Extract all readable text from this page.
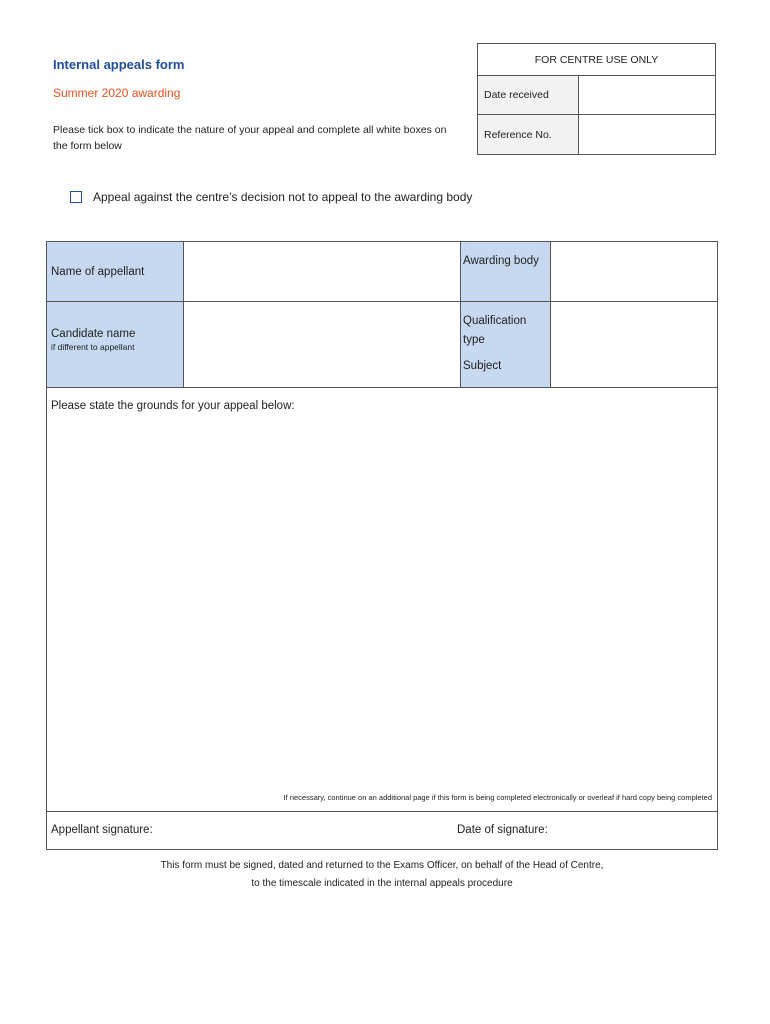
Internal appeals form
Summer 2020 awarding
Please tick box to indicate the nature of your appeal and complete all white boxes on the form below
FOR CENTRE USE ONLY
Date received
Reference No.
Appeal against the centre’s decision not to appeal to the awarding body
Name of appellant
Awarding body
Candidate name
if different to appellant
Qualification type
Subject
Please state the grounds for your appeal below:
If necessary, continue on an additional page if this form is being completed electronically or overleaf if hard copy being completed
Appellant signature:	Date of signature:
This form must be signed, dated and returned to the Exams Officer, on behalf of the Head of Centre,
to the timescale indicated in the internal appeals procedure
